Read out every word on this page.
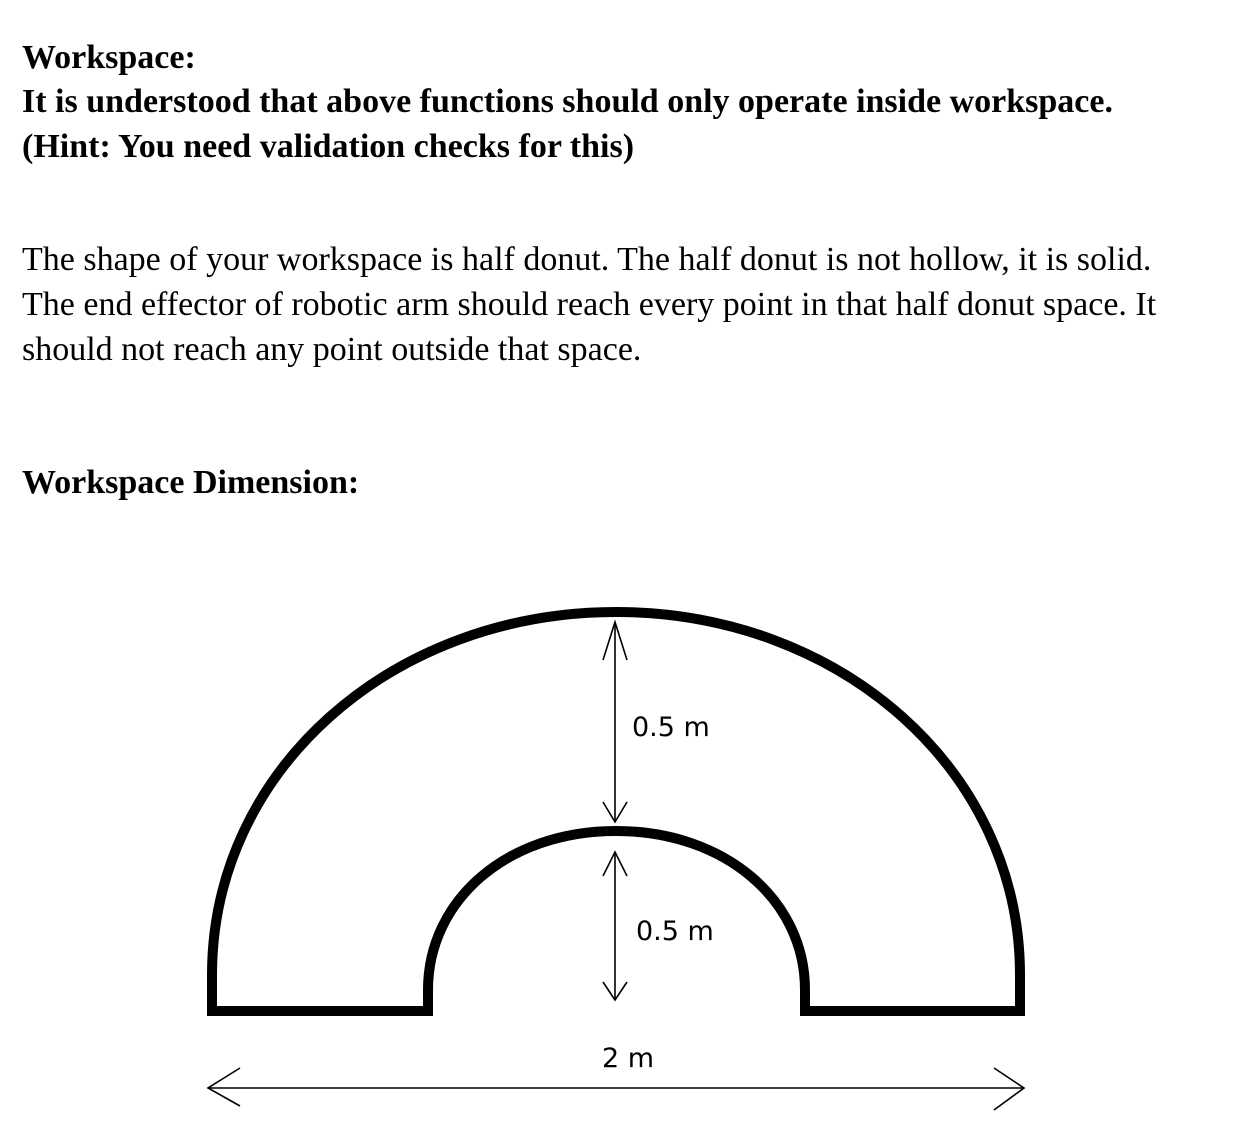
Workspace:

It is understood that above functions should only operate inside workspace.

(Hint: You need validation checks for this)

The shape of your workspace is half donut. The half donut is not hollow, it is solid.

The end effector of robotic arm should reach every point in that half donut space. It

should not reach any point outside that space.

Workspace Dimension:

0.5 m
0.5 m
2 m
